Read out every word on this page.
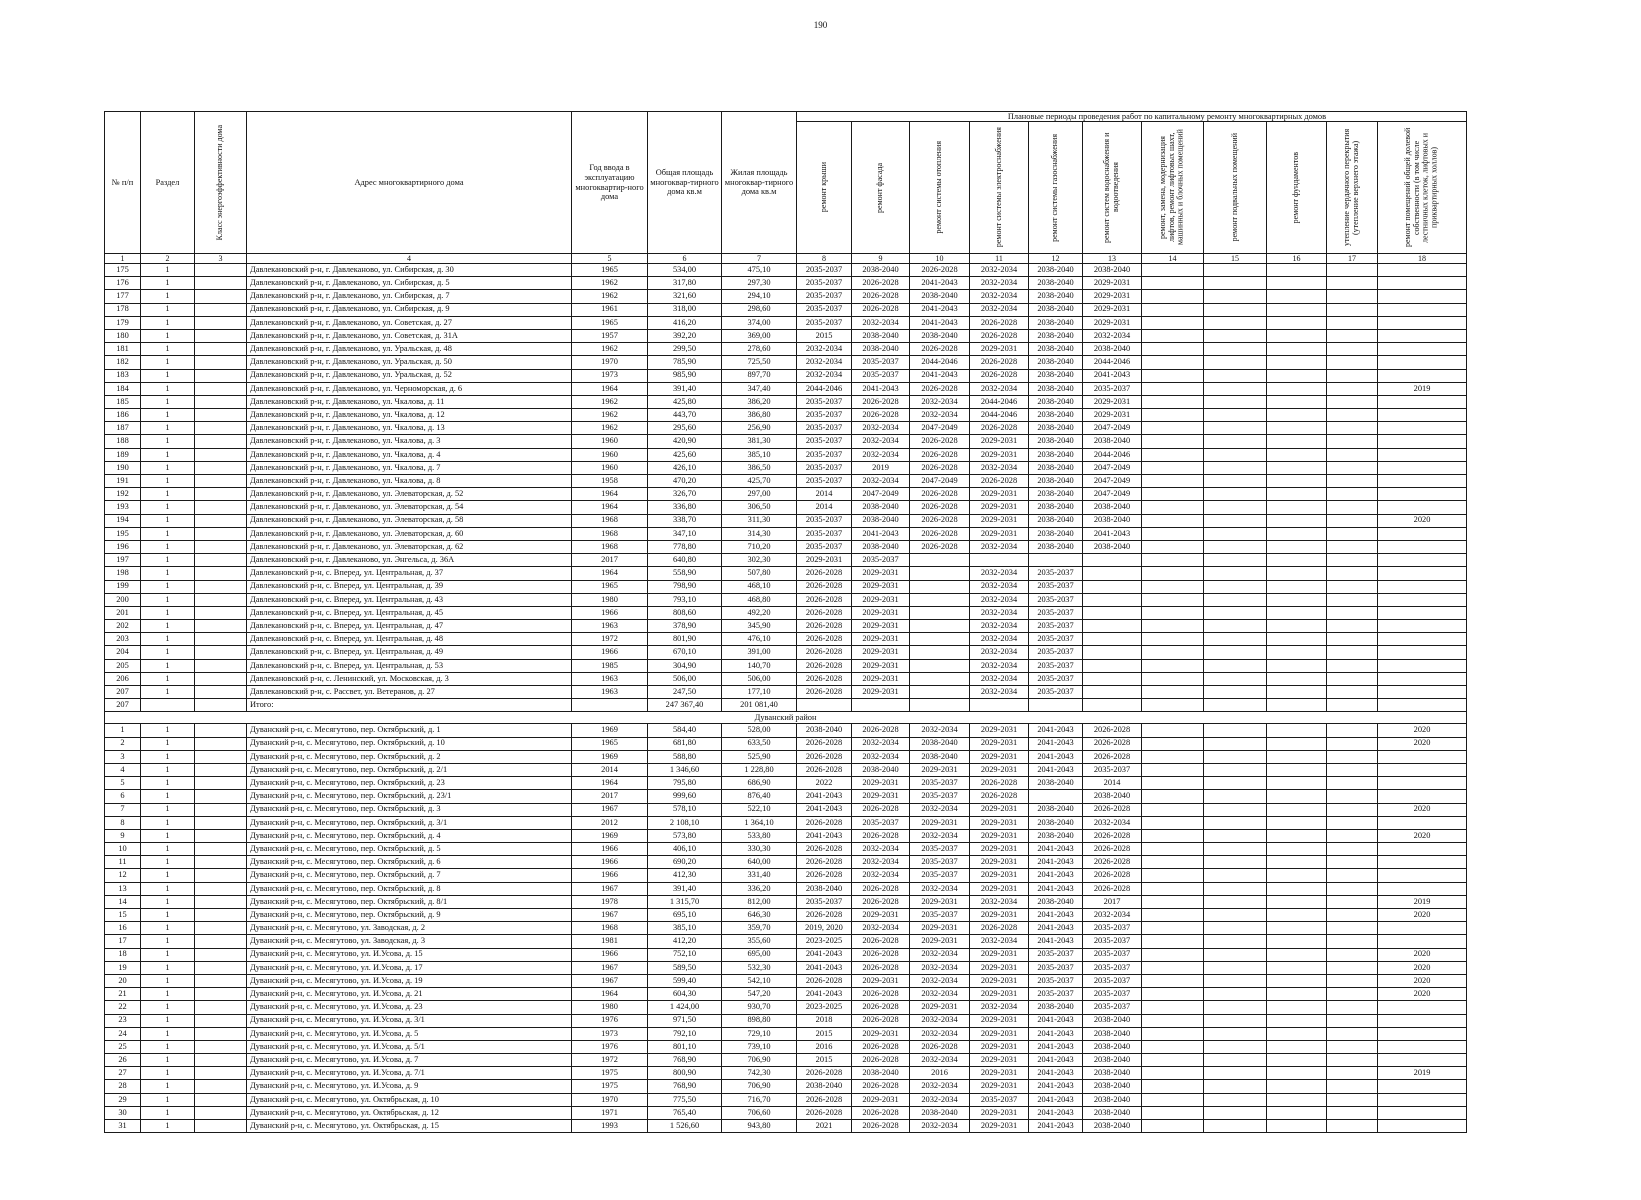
190
№ п/п	Раздел	Класс энергоэффективности дома	Адрес многоквартирного дома	Год ввода в эксплуатацию многоквартир-ного дома	Общая площадь многоквар-тирного дома кв.м	Жилая площадь многоквар-тирного дома кв.м	Плановые периоды проведения работ по капитальному ремонту многоквартирных домов										

							ремонт крыши	ремонт фасада	ремонт системы отопления	ремонт системы электроснабжения	ремонт системы газоснабжения	ремонт систем водоснабжения и водоотведения	ремонт, замена, модернизация лифтов, ремонт лифтовых шахт, машинных и блочных помещений	ремонт подвальных помещений	ремонт фундаментов	утепление чердачного перекрытия (утепление верхнего этажа)	ремонт помещений общей долевой собственности (в том числе лестничных клеток, лифтовых и приквартирных холлов)

1	2	3	4	5	6	7	8	9	10	11	12	13	14	15	16	17	18
175	1		Давлекановский р-н, г. Давлеканово, ул. Сибирская, д. 30	1965	534,00	475,10	2035-2037	2038-2040	2026-2028	2032-2034	2038-2040	2038-2040					
176	1		Давлекановский р-н, г. Давлеканово, ул. Сибирская, д. 5	1962	317,80	297,30	2035-2037	2026-2028	2041-2043	2032-2034	2038-2040	2029-2031					
177	1		Давлекановский р-н, г. Давлеканово, ул. Сибирская, д. 7	1962	321,60	294,10	2035-2037	2026-2028	2038-2040	2032-2034	2038-2040	2029-2031					
178	1		Давлекановский р-н, г. Давлеканово, ул. Сибирская, д. 9	1961	318,00	298,60	2035-2037	2026-2028	2041-2043	2032-2034	2038-2040	2029-2031					
179	1		Давлекановский р-н, г. Давлеканово, ул. Советская, д. 27	1965	416,20	374,00	2035-2037	2032-2034	2041-2043	2026-2028	2038-2040	2029-2031					
180	1		Давлекановский р-н, г. Давлеканово, ул. Советская, д. 31А	1957	392,20	369,00	2015	2038-2040	2038-2040	2026-2028	2038-2040	2032-2034					
181	1		Давлекановский р-н, г. Давлеканово, ул. Уральская, д. 48	1962	299,50	278,60	2032-2034	2038-2040	2026-2028	2029-2031	2038-2040	2038-2040					
182	1		Давлекановский р-н, г. Давлеканово, ул. Уральская, д. 50	1970	785,90	725,50	2032-2034	2035-2037	2044-2046	2026-2028	2038-2040	2044-2046					
183	1		Давлекановский р-н, г. Давлеканово, ул. Уральская, д. 52	1973	985,90	897,70	2032-2034	2035-2037	2041-2043	2026-2028	2038-2040	2041-2043					
184	1		Давлекановский р-н, г. Давлеканово, ул. Черноморская, д. 6	1964	391,40	347,40	2044-2046	2041-2043	2026-2028	2032-2034	2038-2040	2035-2037					2019
185	1		Давлекановский р-н, г. Давлеканово, ул. Чкалова, д. 11	1962	425,80	386,20	2035-2037	2026-2028	2032-2034	2044-2046	2038-2040	2029-2031					
186	1		Давлекановский р-н, г. Давлеканово, ул. Чкалова, д. 12	1962	443,70	386,80	2035-2037	2026-2028	2032-2034	2044-2046	2038-2040	2029-2031					
187	1		Давлекановский р-н, г. Давлеканово, ул. Чкалова, д. 13	1962	295,60	256,90	2035-2037	2032-2034	2047-2049	2026-2028	2038-2040	2047-2049					
188	1		Давлекановский р-н, г. Давлеканово, ул. Чкалова, д. 3	1960	420,90	381,30	2035-2037	2032-2034	2026-2028	2029-2031	2038-2040	2038-2040					
189	1		Давлекановский р-н, г. Давлеканово, ул. Чкалова, д. 4	1960	425,60	385,10	2035-2037	2032-2034	2026-2028	2029-2031	2038-2040	2044-2046					
190	1		Давлекановский р-н, г. Давлеканово, ул. Чкалова, д. 7	1960	426,10	386,50	2035-2037	2019	2026-2028	2032-2034	2038-2040	2047-2049					
191	1		Давлекановский р-н, г. Давлеканово, ул. Чкалова, д. 8	1958	470,20	425,70	2035-2037	2032-2034	2047-2049	2026-2028	2038-2040	2047-2049					
192	1		Давлекановский р-н, г. Давлеканово, ул. Элеваторская, д. 52	1964	326,70	297,00	2014	2047-2049	2026-2028	2029-2031	2038-2040	2047-2049					
193	1		Давлекановский р-н, г. Давлеканово, ул. Элеваторская, д. 54	1964	336,80	306,50	2014	2038-2040	2026-2028	2029-2031	2038-2040	2038-2040					
194	1		Давлекановский р-н, г. Давлеканово, ул. Элеваторская, д. 58	1968	338,70	311,30	2035-2037	2038-2040	2026-2028	2029-2031	2038-2040	2038-2040					2020
195	1		Давлекановский р-н, г. Давлеканово, ул. Элеваторская, д. 60	1968	347,10	314,30	2035-2037	2041-2043	2026-2028	2029-2031	2038-2040	2041-2043					
196	1		Давлекановский р-н, г. Давлеканово, ул. Элеваторская, д. 62	1968	778,80	710,20	2035-2037	2038-2040	2026-2028	2032-2034	2038-2040	2038-2040					
197	1		Давлекановский р-н, г. Давлеканово, ул. Энгельса, д. 36А	2017	640,80	302,30	2029-2031	2035-2037									
198	1		Давлекановский р-н, с. Вперед, ул. Центральная, д. 37	1964	558,90	507,80	2026-2028	2029-2031		2032-2034	2035-2037						
199	1		Давлекановский р-н, с. Вперед, ул. Центральная, д. 39	1965	798,90	468,10	2026-2028	2029-2031		2032-2034	2035-2037						
200	1		Давлекановский р-н, с. Вперед, ул. Центральная, д. 43	1980	793,10	468,80	2026-2028	2029-2031		2032-2034	2035-2037						
201	1		Давлекановский р-н, с. Вперед, ул. Центральная, д. 45	1966	808,60	492,20	2026-2028	2029-2031		2032-2034	2035-2037						
202	1		Давлекановский р-н, с. Вперед, ул. Центральная, д. 47	1963	378,90	345,90	2026-2028	2029-2031		2032-2034	2035-2037						
203	1		Давлекановский р-н, с. Вперед, ул. Центральная, д. 48	1972	801,90	476,10	2026-2028	2029-2031		2032-2034	2035-2037						
204	1		Давлекановский р-н, с. Вперед, ул. Центральная, д. 49	1966	670,10	391,00	2026-2028	2029-2031		2032-2034	2035-2037						
205	1		Давлекановский р-н, с. Вперед, ул. Центральная, д. 53	1985	304,90	140,70	2026-2028	2029-2031		2032-2034	2035-2037						
206	1		Давлекановский р-н, с. Ленинский, ул. Московская, д. 3	1963	506,00	506,00	2026-2028	2029-2031		2032-2034	2035-2037						
207	1		Давлекановский р-н, с. Рассвет, ул. Ветеранов, д. 27	1963	247,50	177,10	2026-2028	2029-2031		2032-2034	2035-2037						
207			Итого:		247 367,40	201 081,40											
Дуванский район																	
1	1		Дуванский р-н, с. Месягутово, пер. Октябрьский, д. 1	1969	584,40	528,00	2038-2040	2026-2028	2032-2034	2029-2031	2041-2043	2026-2028					2020
2	1		Дуванский р-н, с. Месягутово, пер. Октябрьский, д. 10	1965	681,80	633,50	2026-2028	2032-2034	2038-2040	2029-2031	2041-2043	2026-2028					2020
3	1		Дуванский р-н, с. Месягутово, пер. Октябрьский, д. 2	1969	588,80	525,90	2026-2028	2032-2034	2038-2040	2029-2031	2041-2043	2026-2028					
4	1		Дуванский р-н, с. Месягутово, пер. Октябрьский, д. 2/1	2014	1 346,60	1 228,80	2026-2028	2038-2040	2029-2031	2029-2031	2041-2043	2035-2037					
5	1		Дуванский р-н, с. Месягутово, пер. Октябрьский, д. 23	1964	795,80	686,90	2022	2029-2031	2035-2037	2026-2028	2038-2040	2014					
6	1		Дуванский р-н, с. Месягутово, пер. Октябрьский, д. 23/1	2017	999,60	876,40	2041-2043	2029-2031	2035-2037	2026-2028		2038-2040					
7	1		Дуванский р-н, с. Месягутово, пер. Октябрьский, д. 3	1967	578,10	522,10	2041-2043	2026-2028	2032-2034	2029-2031	2038-2040	2026-2028					2020
8	1		Дуванский р-н, с. Месягутово, пер. Октябрьский, д. 3/1	2012	2 108,10	1 364,10	2026-2028	2035-2037	2029-2031	2029-2031	2038-2040	2032-2034					
9	1		Дуванский р-н, с. Месягутово, пер. Октябрьский, д. 4	1969	573,80	533,80	2041-2043	2026-2028	2032-2034	2029-2031	2038-2040	2026-2028					2020
10	1		Дуванский р-н, с. Месягутово, пер. Октябрьский, д. 5	1966	406,10	330,30	2026-2028	2032-2034	2035-2037	2029-2031	2041-2043	2026-2028					
11	1		Дуванский р-н, с. Месягутово, пер. Октябрьский, д. 6	1966	690,20	640,00	2026-2028	2032-2034	2035-2037	2029-2031	2041-2043	2026-2028					
12	1		Дуванский р-н, с. Месягутово, пер. Октябрьский, д. 7	1966	412,30	331,40	2026-2028	2032-2034	2035-2037	2029-2031	2041-2043	2026-2028					
13	1		Дуванский р-н, с. Месягутово, пер. Октябрьский, д. 8	1967	391,40	336,20	2038-2040	2026-2028	2032-2034	2029-2031	2041-2043	2026-2028					
14	1		Дуванский р-н, с. Месягутово, пер. Октябрьский, д. 8/1	1978	1 315,70	812,00	2035-2037	2026-2028	2029-2031	2032-2034	2038-2040	2017					2019
15	1		Дуванский р-н, с. Месягутово, пер. Октябрьский, д. 9	1967	695,10	646,30	2026-2028	2029-2031	2035-2037	2029-2031	2041-2043	2032-2034					2020
16	1		Дуванский р-н, с. Месягутово, ул. Заводская, д. 2	1968	385,10	359,70	2019, 2020	2032-2034	2029-2031	2026-2028	2041-2043	2035-2037					
17	1		Дуванский р-н, с. Месягутово, ул. Заводская, д. 3	1981	412,20	355,60	2023-2025	2026-2028	2029-2031	2032-2034	2041-2043	2035-2037					
18	1		Дуванский р-н, с. Месягутово, ул. И.Усова, д. 15	1966	752,10	695,00	2041-2043	2026-2028	2032-2034	2029-2031	2035-2037	2035-2037					2020
19	1		Дуванский р-н, с. Месягутово, ул. И.Усова, д. 17	1967	589,50	532,30	2041-2043	2026-2028	2032-2034	2029-2031	2035-2037	2035-2037					2020
20	1		Дуванский р-н, с. Месягутово, ул. И.Усова, д. 19	1967	599,40	542,10	2026-2028	2029-2031	2032-2034	2029-2031	2035-2037	2035-2037					2020
21	1		Дуванский р-н, с. Месягутово, ул. И.Усова, д. 21	1964	604,30	547,20	2041-2043	2026-2028	2032-2034	2029-2031	2035-2037	2035-2037					2020
22	1		Дуванский р-н, с. Месягутово, ул. И.Усова, д. 23	1980	1 424,00	930,70	2023-2025	2026-2028	2029-2031	2032-2034	2038-2040	2035-2037					
23	1		Дуванский р-н, с. Месягутово, ул. И.Усова, д. 3/1	1976	971,50	898,80	2018	2026-2028	2032-2034	2029-2031	2041-2043	2038-2040					
24	1		Дуванский р-н, с. Месягутово, ул. И.Усова, д. 5	1973	792,10	729,10	2015	2029-2031	2032-2034	2029-2031	2041-2043	2038-2040					
25	1		Дуванский р-н, с. Месягутово, ул. И.Усова, д. 5/1	1976	801,10	739,10	2016	2026-2028	2026-2028	2029-2031	2041-2043	2038-2040					
26	1		Дуванский р-н, с. Месягутово, ул. И.Усова, д. 7	1972	768,90	706,90	2015	2026-2028	2032-2034	2029-2031	2041-2043	2038-2040					
27	1		Дуванский р-н, с. Месягутово, ул. И.Усова, д. 7/1	1975	800,90	742,30	2026-2028	2038-2040	2016	2029-2031	2041-2043	2038-2040					2019
28	1		Дуванский р-н, с. Месягутово, ул. И.Усова, д. 9	1975	768,90	706,90	2038-2040	2026-2028	2032-2034	2029-2031	2041-2043	2038-2040					
29	1		Дуванский р-н, с. Месягутово, ул. Октябрьская, д. 10	1970	775,50	716,70	2026-2028	2029-2031	2032-2034	2035-2037	2041-2043	2038-2040					
30	1		Дуванский р-н, с. Месягутово, ул. Октябрьская, д. 12	1971	765,40	706,60	2026-2028	2026-2028	2038-2040	2029-2031	2041-2043	2038-2040					
31	1		Дуванский р-н, с. Месягутово, ул. Октябрьская, д. 15	1993	1 526,60	943,80	2021	2026-2028	2032-2034	2029-2031	2041-2043	2038-2040					
